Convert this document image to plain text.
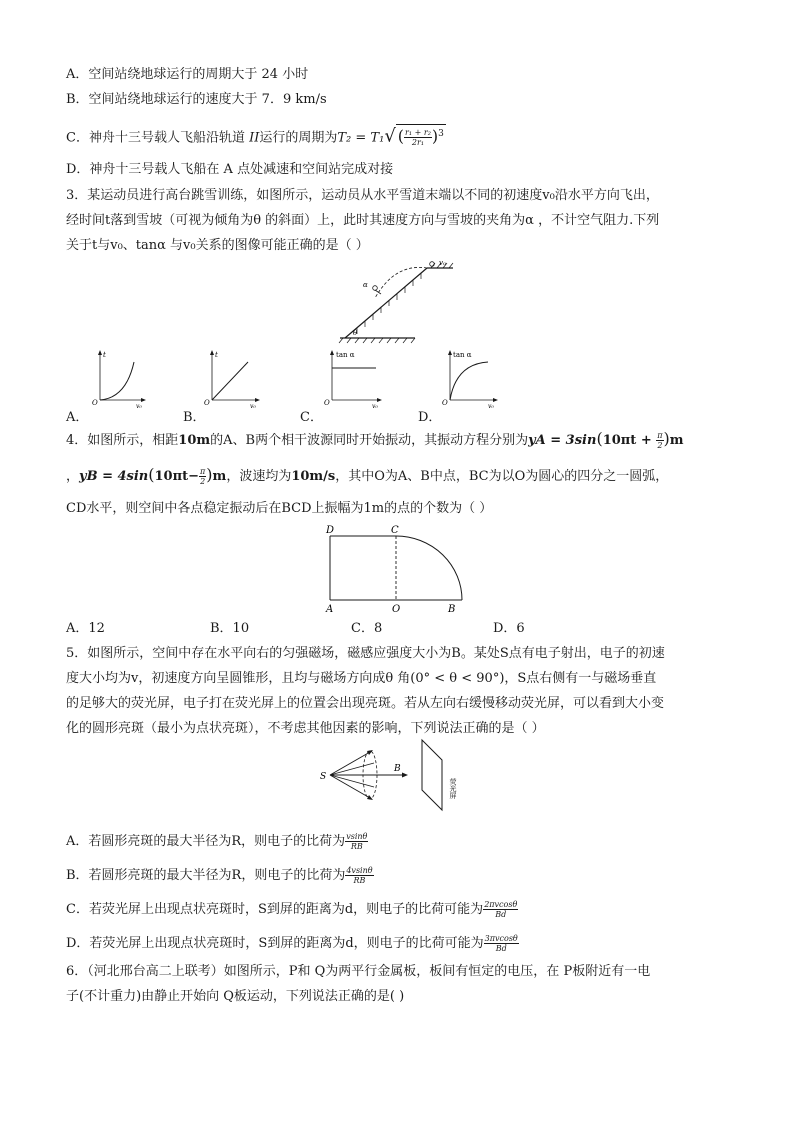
A．空间站绕地球运行的周期大于 24 小时
B．空间站绕地球运行的速度大于 7．9 km/s
C．神舟十三号载人飞船沿轨道 II运行的周期为T₂ = T₁√ ( $\frac{\text{r₁ + r₂}}{\text{2r₁}} )^3$
D．神舟十三号载人飞船在 A 点处减速和空间站完成对接
3．某运动员进行高台跳雪训练，如图所示，运动员从水平雪道末端以不同的初速度v₀沿水平方向飞出，
经时间t落到雪坡（可视为倾角为θ 的斜面）上，此时其速度方向与雪坡的夹角为α ，不计空气阻力.下列
关于t与v₀、tanα 与v₀关系的图像可能正确的是（ ）
α
v₀
θ
A．
t
O	v₀
B．
t
O	v₀
C．
tan α
O	v₀
D．
tan α
O	v₀
4．如图所示，相距10m的A、B两个相干波源同时开始振动，其振动方程分别为yA = $3\sin(10\pi t + \frac{\pi}{2} )m$
，yB = $4\sin(10\pi t- \frac{\pi}{2} )m$，波速均为10m/s，其中O为A、B中点，BC为以O为圆心的四分之一圆弧，
CD水平，则空间中各点稳定振动后在BCD上振幅为1m的点的个数为（ ）
D	C
A	O	B
A．12	B．10	C．8	D．6
5．如图所示，空间中存在水平向右的匀强磁场，磁感应强度大小为B。某处S点有电子射出，电子的初速
度大小均为v，初速度方向呈圆锥形，且均与磁场方向成θ 角(0° < θ < 90°)，S点右侧有一与磁场垂直
的足够大的荧光屏，电子打在荧光屏上的位置会出现亮斑。若从左向右缓慢移动荧光屏，可以看到大小变
化的圆形亮斑（最小为点状亮斑），不考虑其他因素的影响，下列说法正确的是（ ）
S
B
荧光屏
A．若圆形亮斑的最大半径为R，则电子的比荷为 $\frac{vsin\theta}{RB}$
B．若圆形亮斑的最大半径为R，则电子的比荷为 $\frac{4vsin\theta}{RB}$
C．若荧光屏上出现点状亮斑时，S到屏的距离为d，则电子的比荷可能为 $\frac{2\pi vcos\theta}{Bd}$
D．若荧光屏上出现点状亮斑时，S到屏的距离为d，则电子的比荷可能为 $\frac{3\pi vcos\theta}{Bd}$
6．（河北邢台高二上联考）如图所示，P和 Q为两平行金属板，板间有恒定的电压，在 P板附近有一电
子(不计重力)由静止开始向 Q板运动，下列说法正确的是( )
